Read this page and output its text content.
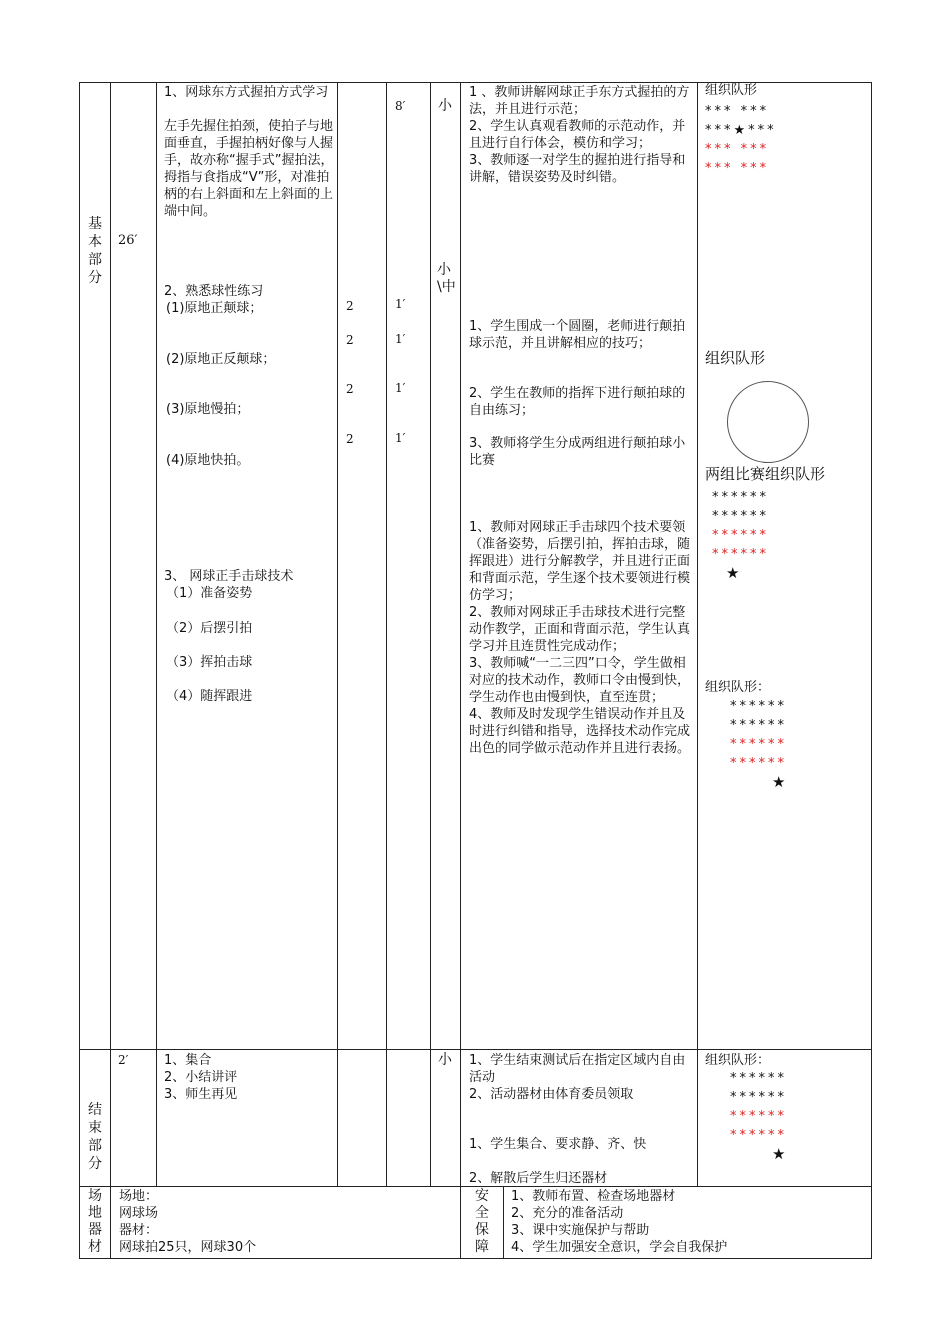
基本部分
26′
1、网球东方式握拍方式学习
左手先握住拍颈，使拍子与地面垂直，手握拍柄好像与人握手，故亦称“握手式”握拍法，拇指与食指成“V”形，对准拍柄的右上斜面和左上斜面的上端中间。
8′ 小
2、熟悉球性练习
(1)原地正颠球；
(2)原地正反颠球；
(3)原地慢拍；
(4)原地快拍。
2
2
2
2
1′
1′
1′
1′
小\中
3、 网球正手击球技术
（1）准备姿势
（2）后摆引拍
（3）挥拍击球
（4）随挥跟进
1 、教师讲解网球正手东方式握拍的方法，并且进行示范；
2、学生认真观看教师的示范动作，并且进行自行体会，模仿和学习；
3、教师逐一对学生的握拍进行指导和讲解，错误姿势及时纠错。
1、学生围成一个圆圈，老师进行颠拍球示范，并且讲解相应的技巧；
2、学生在教师的指挥下进行颠拍球的自由练习；
3、教师将学生分成两组进行颠拍球小比赛
1、教师对网球正手击球四个技术要领（准备姿势，后摆引拍，挥拍击球，随挥跟进）进行分解教学，并且进行正面和背面示范，学生逐个技术要领进行模仿学习；
2、教师对网球正手击球技术进行完整动作教学，正面和背面示范，学生认真学习并且连贯性完成动作；
3、教师喊“一二三四”口令，学生做相对应的技术动作，教师口令由慢到快，学生动作也由慢到快，直至连贯；
4、教师及时发现学生错误动作并且及时进行纠错和指导，选择技术动作完成出色的同学做示范动作并且进行表扬。
组织队形
*** ***
***★***
*** ***
*** ***
组织队形
两组比赛组织队形
******
******
******
******
★
组织队形：
******
******
******
******
★
结束部分
2′	1、集合
2、小结讲评
3、师生再见
小 1、学生结束测试后在指定区域内自由活动
2、活动器材由体育委员领取
1、学生集合、要求静、齐、快
2、解散后学生归还器材
组织队形：
******
******
******
******
★
场地器材
场地：
网球场
器材：
网球拍25只，网球30个
安全保障
1、教师布置、检查场地器材
2、充分的准备活动
3、课中实施保护与帮助
4、学生加强安全意识，学会自我保护
